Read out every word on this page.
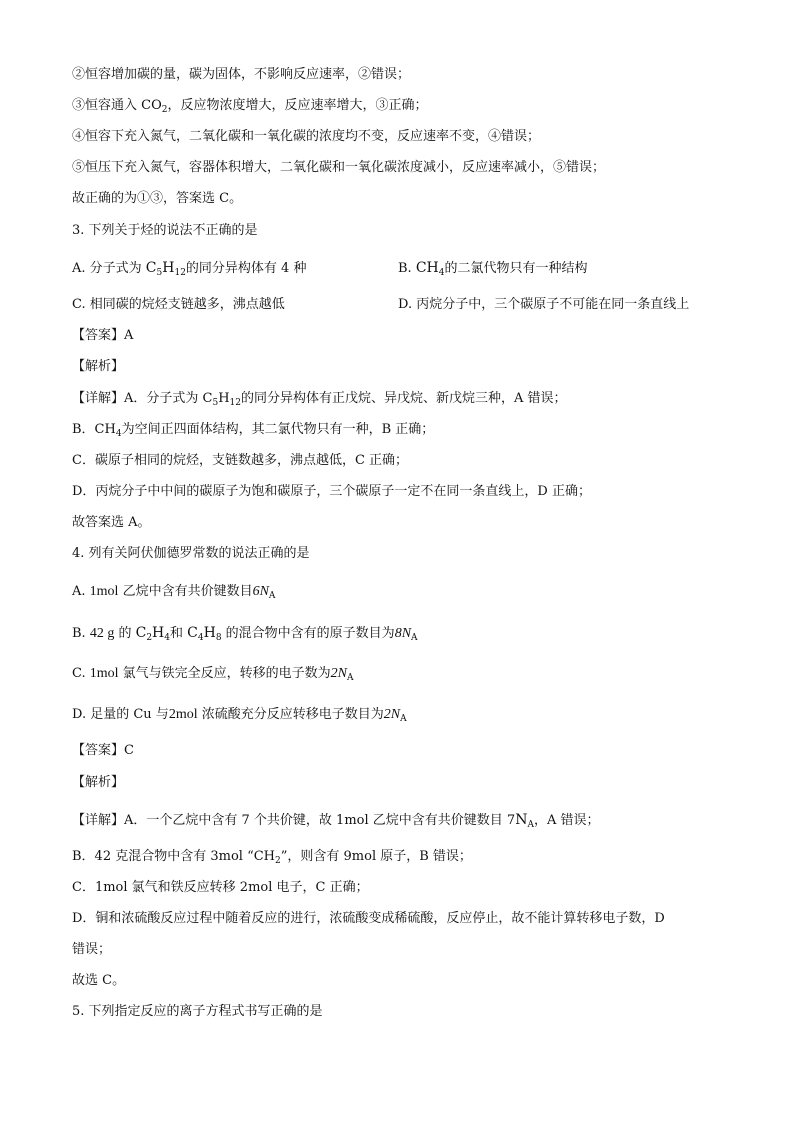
②恒容增加碳的量，碳为固体，不影响反应速率，②错误；
③恒容通入 $CO_2$，反应物浓度增大，反应速率增大，③正确；
④恒容下充入氮气，二氧化碳和一氧化碳的浓度均不变，反应速率不变，④错误；
⑤恒压下充入氮气，容器体积增大，二氧化碳和一氧化碳浓度减小，反应速率减小，⑤错误；
故正确的为①③，答案选 C。
3. 下列关于烃的说法不正确的是
A. 分子式为 $C_5H_{12}$的同分异构体有 4 种	B. $CH_4$的二氯代物只有一种结构
C. 相同碳的烷烃支链越多，沸点越低	D. 丙烷分子中，三个碳原子不可能在同一条直线上
【答案】A
【解析】
【详解】A．分子式为 $C_5H_{12}$的同分异构体有正戊烷、异戊烷、新戊烷三种，A 错误；
B．$CH_4$为空间正四面体结构，其二氯代物只有一种，B 正确；
C．碳原子相同的烷烃，支链数越多，沸点越低，C 正确；
D．丙烷分子中中间的碳原子为饱和碳原子，三个碳原子一定不在同一条直线上，D 正确；
故答案选 A。
4. 列有关阿伏伽德罗常数的说法正确的是
A. 1mol 乙烷中含有共价键数目$6N_A$
B. 42 g 的 $C_2H_4$和 $C_4H_8$ 的混合物中含有的原子数目为$8N_A$
C. 1mol 氯气与铁完全反应，转移的电子数为$2N_A$
D. 足量的 Cu 与2mol 浓硫酸充分反应转移电子数目为$2N_A$
【答案】C
【解析】
【详解】A．一个乙烷中含有 7 个共价键，故 1mol 乙烷中含有共价键数目 $7N_A$，A 错误；
B．42 克混合物中含有 3mol “$CH_2$”，则含有 9mol 原子，B 错误；
C．1mol 氯气和铁反应转移 2mol 电子，C 正确；
D．铜和浓硫酸反应过程中随着反应的进行，浓硫酸变成稀硫酸，反应停止，故不能计算转移电子数，D
错误；
故选 C。
5. 下列指定反应的离子方程式书写正确的是
